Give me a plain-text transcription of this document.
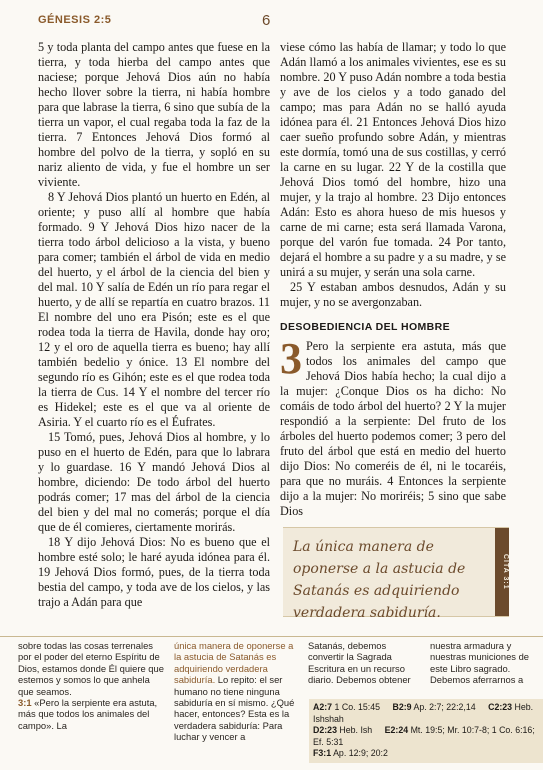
GÉNESIS 2:5	6

5 y toda planta del campo antes que fuese en la tierra, y toda hierba del campo antes que naciese; porque Jehová Dios aún no había hecho llover sobre la tierra, ni había hombre para que labrase la tierra, 6 sino que subía de la tierra un vapor, el cual regaba toda la faz de la tierra. 7 Entonces Jehová Dios formó al hombre del polvo de la tierra, y sopló en su nariz aliento de vida, y fue el hombre un ser viviente.

8 Y Jehová Dios plantó un huerto en Edén, al oriente; y puso allí al hombre que había formado. 9 Y Jehová Dios hizo nacer de la tierra todo árbol delicioso a la vista, y bueno para comer; también el árbol de vida en medio del huerto, y el árbol de la ciencia del bien y del mal. 10 Y salía de Edén un río para regar el huerto, y de allí se repartía en cuatro brazos. 11 El nombre del uno era Pisón; este es el que rodea toda la tierra de Havila, donde hay oro; 12 y el oro de aquella tierra es bueno; hay allí también bedelio y ónice. 13 El nombre del segundo río es Gihón; este es el que rodea toda la tierra de Cus. 14 Y el nombre del tercer río es Hidekel; este es el que va al oriente de Asiria. Y el cuarto río es el Éufrates.

15 Tomó, pues, Jehová Dios al hombre, y lo puso en el huerto de Edén, para que lo labrara y lo guardase. 16 Y mandó Jehová Dios al hombre, diciendo: De todo árbol del huerto podrás comer; 17 mas del árbol de la ciencia del bien y del mal no comerás; porque el día que de él comieres, ciertamente morirás.

18 Y dijo Jehová Dios: No es bueno que el hombre esté solo; le haré ayuda idónea para él. 19 Jehová Dios formó, pues, de la tierra toda bestia del campo, y toda ave de los cielos, y las trajo a Adán para que

viese cómo las había de llamar; y todo lo que Adán llamó a los animales vivientes, ese es su nombre. 20 Y puso Adán nombre a toda bestia y ave de los cielos y a todo ganado del campo; mas para Adán no se halló ayuda idónea para él. 21 Entonces Jehová Dios hizo caer sueño profundo sobre Adán, y mientras este dormía, tomó una de sus costillas, y cerró la carne en su lugar. 22 Y de la costilla que Jehová Dios tomó del hombre, hizo una mujer, y la trajo al hombre. 23 Dijo entonces Adán: Esto es ahora hueso de mis huesos y carne de mi carne; esta será llamada Varona, porque del varón fue tomada. 24 Por tanto, dejará el hombre a su padre y a su madre, y se unirá a su mujer, y serán una sola carne.

25 Y estaban ambos desnudos, Adán y su mujer, y no se avergonzaban.

DESOBEDIENCIA DEL HOMBRE

3 Pero la serpiente era astuta, más que todos los animales del campo que Jehová Dios había hecho; la cual dijo a la mujer: ¿Conque Dios os ha dicho: No comáis de todo árbol del huerto? 2 Y la mujer respondió a la serpiente: Del fruto de los árboles del huerto podemos comer; 3 pero del fruto del árbol que está en medio del huerto dijo Dios: No comeréis de él, ni le tocaréis, para que no muráis. 4 Entonces la serpiente dijo a la mujer: No moriréis; 5 sino que sabe Dios

La única manera de oponerse a la astucia de Satanás es adquiriendo verdadera sabiduría.
CITA 3:1
sobre todas las cosas terrenales por el poder del eterno Espíritu de Dios, estamos donde Él quiere que estemos y somos lo que anhela que seamos.
3:1 «Pero la serpiente era astuta, más que todos los animales del campo». La
única manera de oponerse a la astucia de Satanás es adquiriendo verdadera sabiduría. Lo repito: el ser humano no tiene ninguna sabiduría en sí mismo. ¿Qué hacer, entonces? Esta es la verdadera sabiduría: Para luchar y vencer a
Satanás, debemos convertir la Sagrada Escritura en un recurso diario. Debemos obtener
nuestra armadura y nuestras municiones de este Libro sagrado. Debemos aferrarnos a
A2:7 1 Co. 15:45 B2:9 Ap. 2:7; 22:2,14 C2:23 Heb. Ishshah
D2:23 Heb. Ish E2:24 Mt. 19:5; Mr. 10:7-8; 1 Co. 6:16; Ef. 5:31
F3:1 Ap. 12:9; 20:2
